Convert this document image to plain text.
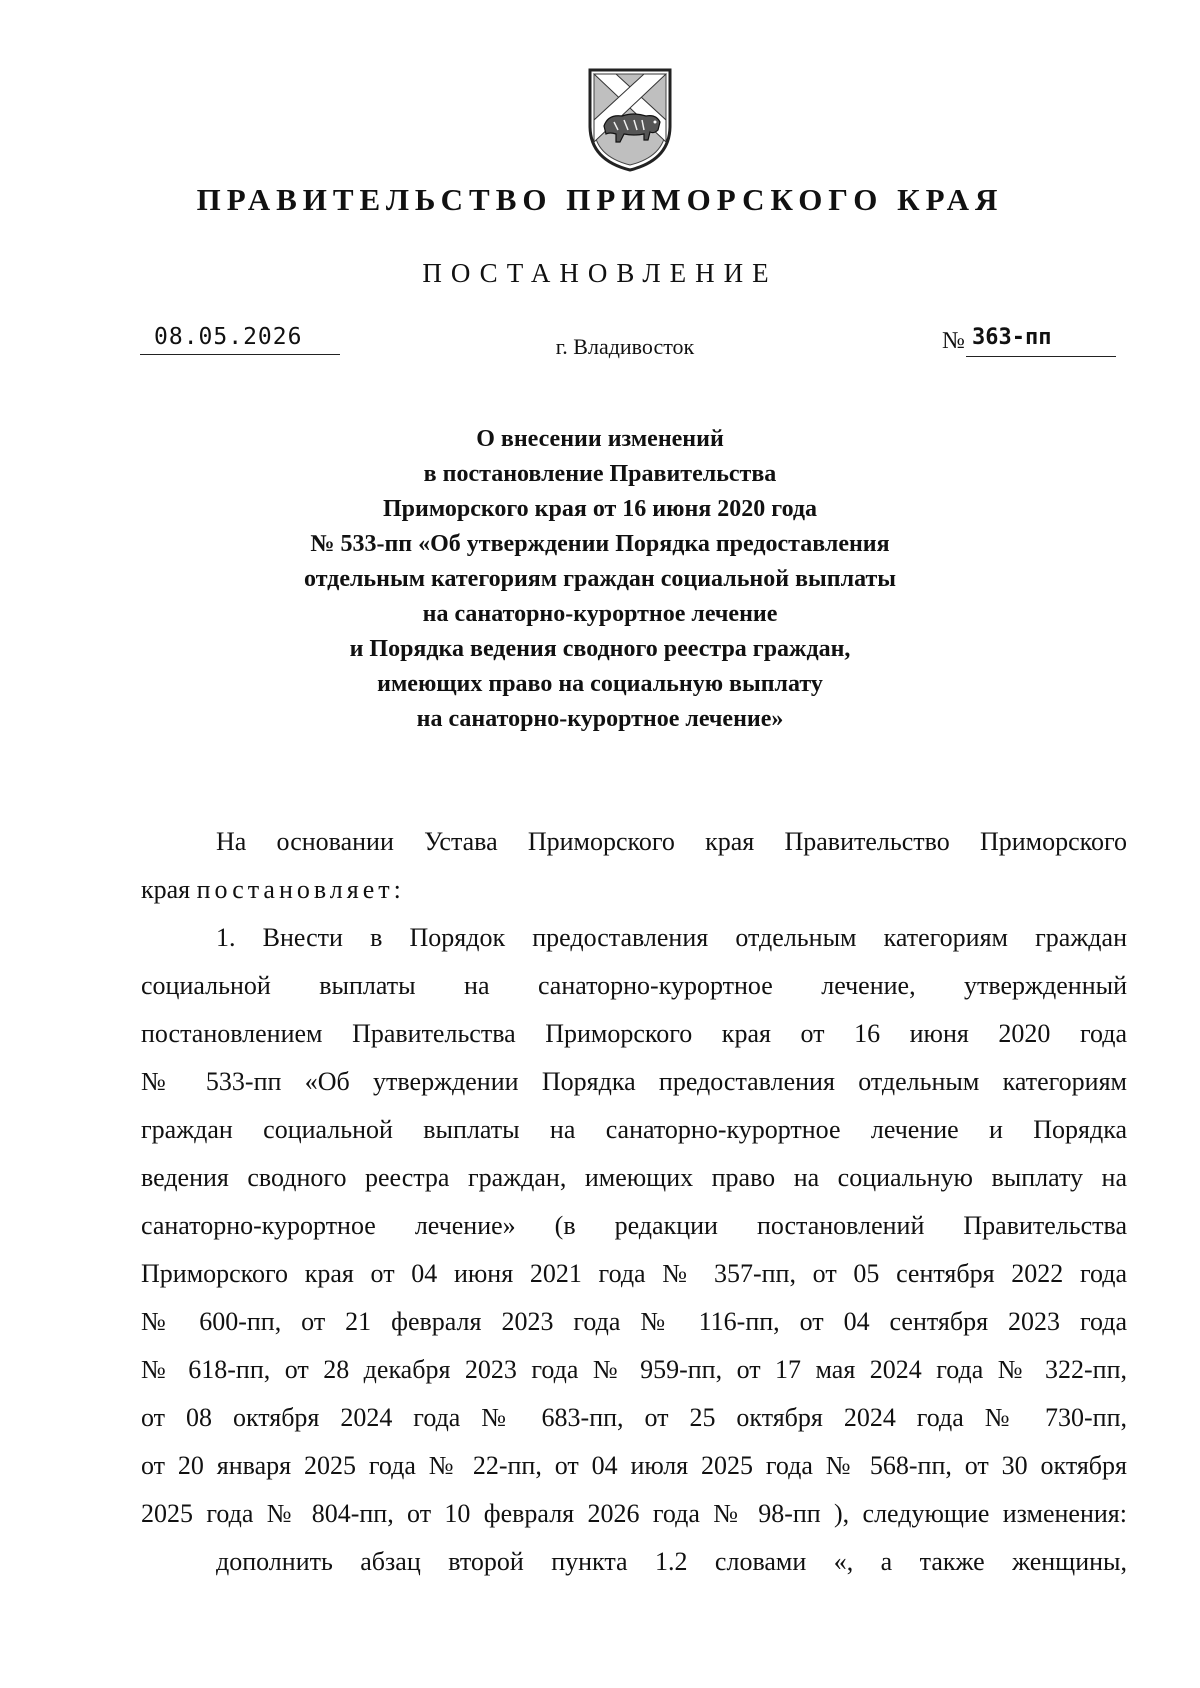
ПРАВИТЕЛЬСТВО ПРИМОРСКОГО КРАЯ
ПОСТАНОВЛЕНИЕ
08.05.2026	г. Владивосток	№ 363-пп
О внесении изменений
в постановление Правительства
Приморского края от 16 июня 2020 года
№ 533-пп «Об утверждении Порядка предоставления
отдельным категориям граждан социальной выплаты
на санаторно-курортное лечение
и Порядка ведения сводного реестра граждан,
имеющих право на социальную выплату
на санаторно-курортное лечение»
На основании Устава Приморского края Правительство Приморского
края постановляет:
1. Внести в Порядок предоставления отдельным категориям граждан
социальной выплаты на санаторно-курортное лечение, утвержденный
постановлением Правительства Приморского края от 16 июня 2020 года
№ 533-пп «Об утверждении Порядка предоставления отдельным категориям
граждан социальной выплаты на санаторно-курортное лечение и Порядка
ведения сводного реестра граждан, имеющих право на социальную выплату на
санаторно-курортное лечение» (в редакции постановлений Правительства
Приморского края от 04 июня 2021 года № 357-пп, от 05 сентября 2022 года
№ 600-пп, от 21 февраля 2023 года № 116-пп, от 04 сентября 2023 года
№ 618-пп, от 28 декабря 2023 года № 959-пп, от 17 мая 2024 года № 322-пп,
от 08 октября 2024 года № 683-пп, от 25 октября 2024 года № 730-пп,
от 20 января 2025 года № 22-пп, от 04 июля 2025 года № 568-пп, от 30 октября
2025 года № 804-пп, от 10 февраля 2026 года № 98-пп ), следующие изменения:
дополнить абзац второй пункта 1.2 словами «, а также женщины,
